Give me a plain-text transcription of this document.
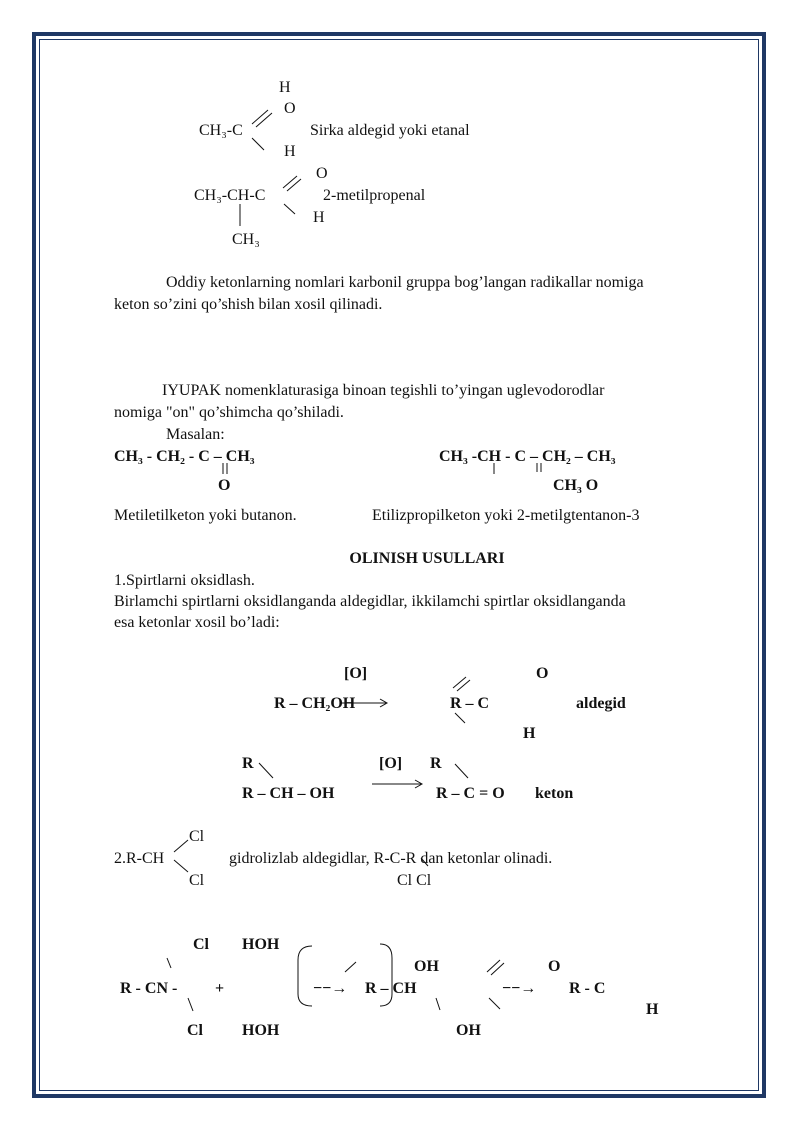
H
O
CH₃-C	Sirka aldegid yoki etanal
H
O
CH₃-CH-C	2-metilpropenal
H
CH₃
Oddiy ketonlarning nomlari karbonil gruppa bog’langan radikallar nomiga
keton so’zini qo’shish bilan xosil qilinadi.
IYUPAK nomenklaturasiga binoan tegishli to’yingan uglevodorodlar
nomiga "on" qo’shimcha qo’shiladi.
Masalan:
CH₃ - CH₂ - C – CH₃
O
CH₃ -CH - C – CH₂ – CH₃
CH₃ O
Metiletilketon yoki butanon.	Etilizpropilketon yoki 2-metilgtentanon-3
OLINISH USULLARI
1.Spirtlarni oksidlash.
Birlamchi spirtlarni oksidlanganda aldegidlar, ikkilamchi spirtlar oksidlanganda
esa ketonlar xosil bo’ladi:
[O]	O
R – CH₂OH	R – C	aldegid
H
R	[O] R
R – CH – OH	R – C = O keton
Cl
2.R-CH	gidrolizlab aldegidlar, R-C-R dan ketonlar olinadi.
Cl	Cl Cl
Cl HOH
OH	O
R - CN - +	−−→ R – CH	−−→ R - C
H
Cl HOH	OH
